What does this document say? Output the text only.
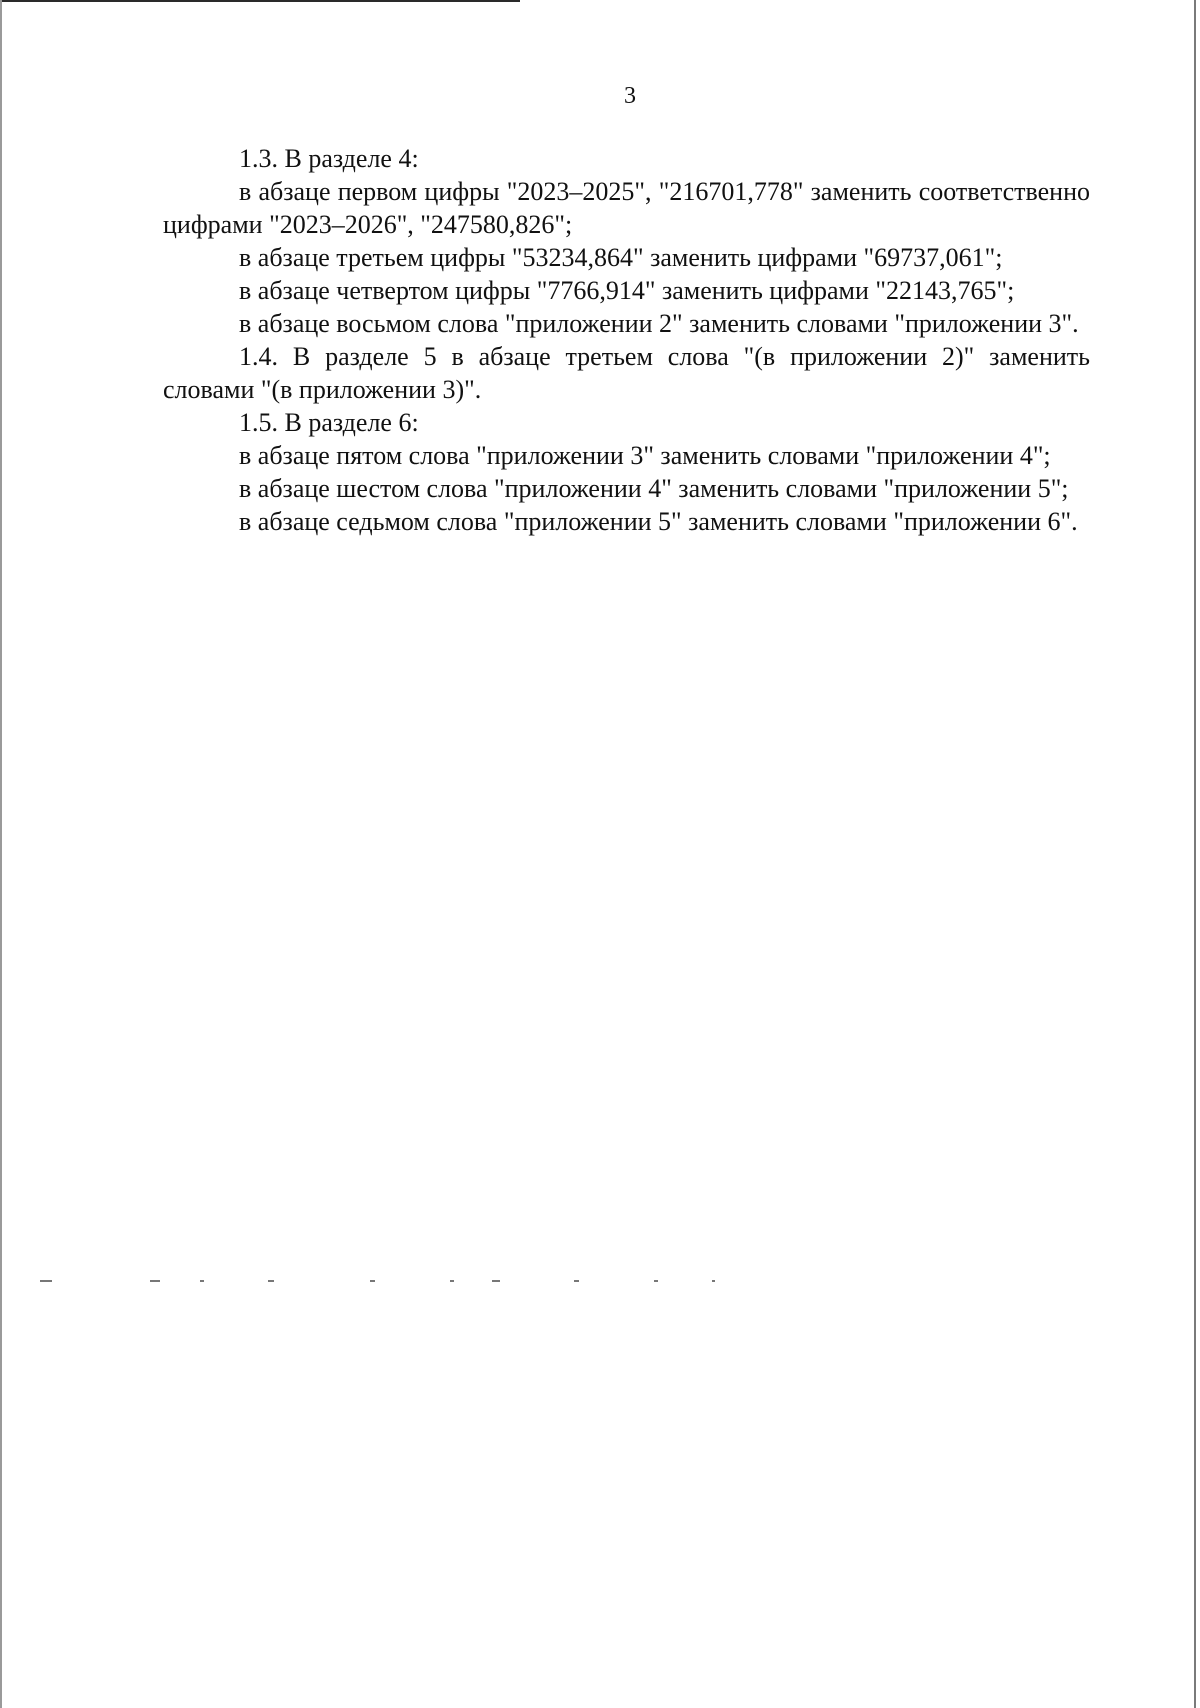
3

1.3. В разделе 4:

в абзаце первом цифры "2023–2025", "216701,778" заменить соответственно цифрами "2023–2026", "247580,826";

в абзаце третьем цифры "53234,864" заменить цифрами "69737,061";

в абзаце четвертом цифры "7766,914" заменить цифрами "22143,765";

в абзаце восьмом слова "приложении 2" заменить словами "приложении 3".

1.4. В разделе 5 в абзаце третьем слова "(в приложении 2)" заменить словами "(в приложении 3)".

1.5. В разделе 6:

в абзаце пятом слова "приложении 3" заменить словами "приложении 4";

в абзаце шестом слова "приложении 4" заменить словами "приложении 5";

в абзаце седьмом слова "приложении 5" заменить словами "приложении 6".
